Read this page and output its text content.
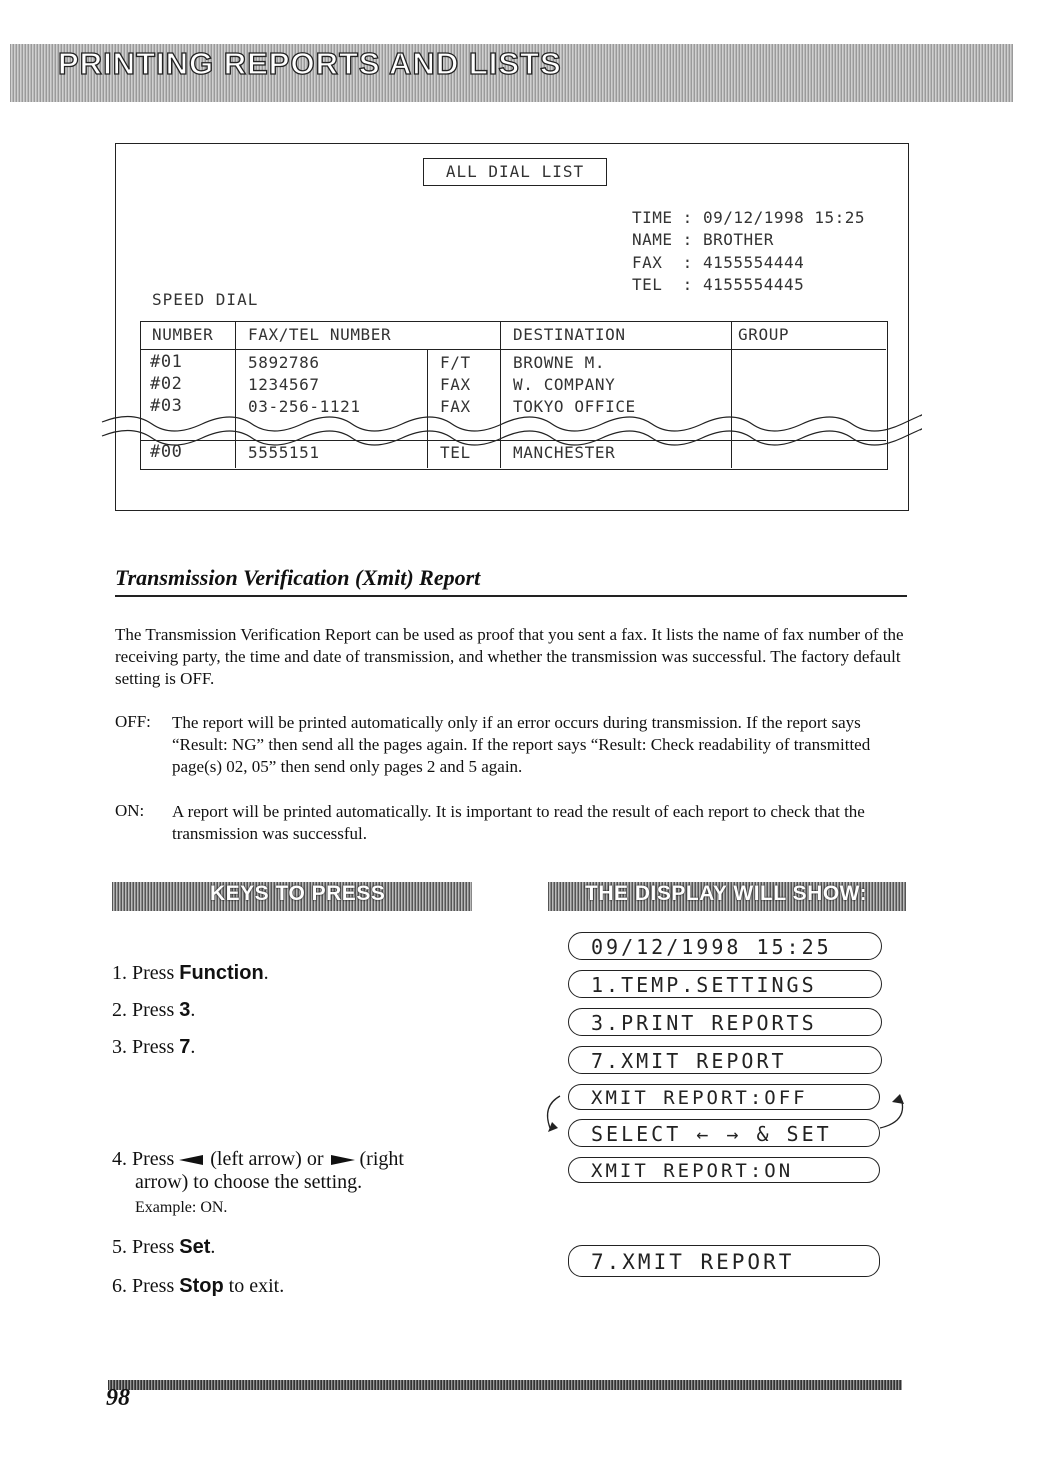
PRINTING REPORTS AND LISTS
ALL DIAL LIST
TIME : 09/12/1998 15:25
NAME : BROTHER
FAX  : 4155554444
TEL  : 4155554445
SPEED DIAL
NUMBER FAX/TEL NUMBER	DESTINATION	GROUP
#01	5892786	F/T	BROWNE M.
#02	1234567	FAX	W. COMPANY
#03	03-256-1121	FAX	TOKYO OFFICE
#00	5555151	TEL	MANCHESTER
Transmission Verification (Xmit) Report
The Transmission Verification Report can be used as proof that you sent a fax. It lists the name of fax number of the receiving party, the time and date of transmission, and whether the transmission was successful. The factory default setting is OFF.
OFF: The report will be printed automatically only if an error occurs during transmission. If the report says “Result: NG” then send all the pages again. If the report says “Result: Check readability of transmitted page(s) 02, 05” then send only pages 2 and 5 again.
ON: A report will be printed automatically. It is important to read the result of each report to check that the transmission was successful.
KEYS TO PRESS	THE DISPLAY WILL SHOW:
1. Press Function.
2. Press 3.
3. Press 7.
4. Press  (left arrow) or (right
arrow) to choose the setting.
Example: ON.
5. Press Set.
6. Press Stop to exit.
09/12/1998 15:25
1.TEMP.SETTINGS
3.PRINT REPORTS
7.XMIT REPORT
XMIT REPORT:OFF
SELECT ← → & SET
XMIT REPORT:ON
7.XMIT REPORT
98
